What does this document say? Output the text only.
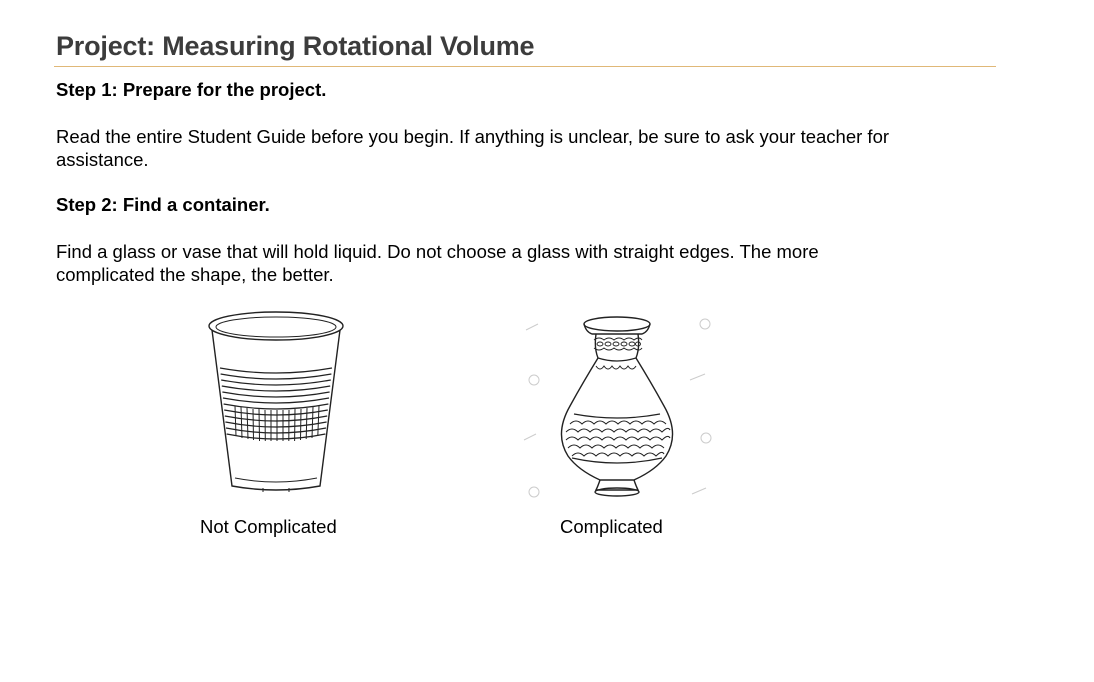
Project: Measuring Rotational Volume

Step 1: Prepare for the project.

Read the entire Student Guide before you begin. If anything is unclear, be sure to ask your teacher for assistance.

Step 2: Find a container.

Find a glass or vase that will hold liquid. Do not choose a glass with straight edges. The more complicated the shape, the better.

Not Complicated	Complicated
